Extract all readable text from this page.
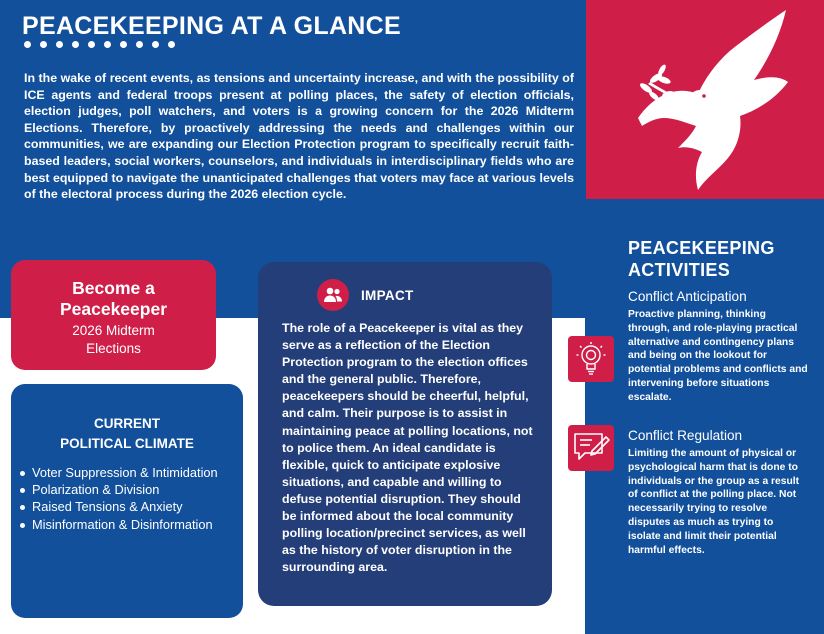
PEACEKEEPING AT A GLANCE

In the wake of recent events, as tensions and uncertainty increase, and with the possibility of ICE agents and federal troops present at polling places, the safety of election officials, election judges, poll watchers, and voters is a growing concern for the 2026 Midterm Elections. Therefore, by proactively addressing the needs and challenges within our communities, we are expanding our Election Protection program to specifically recruit faith-based leaders, social workers, counselors, and individuals in interdisciplinary fields who are best equipped to navigate the unanticipated challenges that voters may face at various levels of the electoral process during the 2026 election cycle.

Become a Peacekeeper
2026 Midterm Elections
CURRENT
POLITICAL CLIMATE
Voter Suppression & Intimidation
Polarization & Division
Raised Tensions & Anxiety
Misinformation & Disinformation
IMPACT

The role of a Peacekeeper is vital as they serve as a reflection of the Election Protection program to the election offices and the general public. Therefore, peacekeepers should be cheerful, helpful, and calm. Their purpose is to assist in maintaining peace at polling locations, not to police them. An ideal candidate is flexible, quick to anticipate explosive situations, and capable and willing to defuse potential disruption. They should be informed about the local community polling location/precinct services, as well as the history of voter disruption in the surrounding area.

PEACEKEEPING ACTIVITIES
Conflict Anticipation

Proactive planning, thinking through, and role-playing practical alternative and contingency plans and being on the lookout for potential problems and conflicts and intervening before situations escalate.

Conflict Regulation

Limiting the amount of physical or psychological harm that is done to individuals or the group as a result of conflict at the polling place. Not necessarily trying to resolve disputes as much as trying to isolate and limit their potential harmful effects.
